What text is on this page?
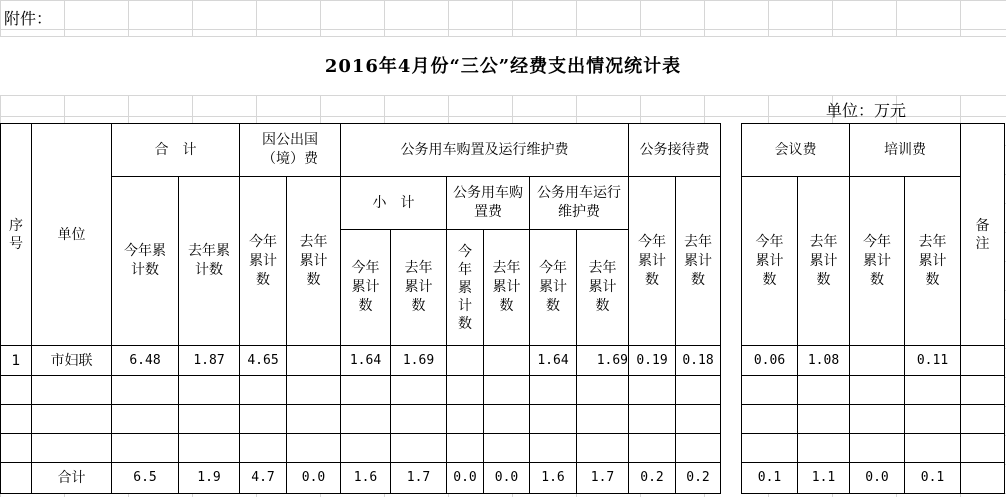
附件：
2016年4月份“三公”经费支出情况统计表
单位：万元
序号	单位	合　计		因公出国（境）费		公务用车购置及运行维护费						公务接待费			会议费		培训费		备注
		今年累计数	去年累计数	今年累计数	去年累计数	小　计		公务用车购置费		公务用车运行维护费		今年累计数	去年累计数		今年累计数	去年累计数	今年累计数	去年累计数	

						今年累计数	去年累计数	今年累计数	去年累计数	今年累计数	去年累计数								
1	市妇联	6.48	1.87	4.65		1.64	1.69			1.64	1.69	0.19	0.18		0.06	1.08		0.11	

	合计	6.5	1.9	4.7	0.0	1.6	1.7	0.0	0.0	1.6	1.7	0.2	0.2		0.1	1.1	0.0	0.1	
